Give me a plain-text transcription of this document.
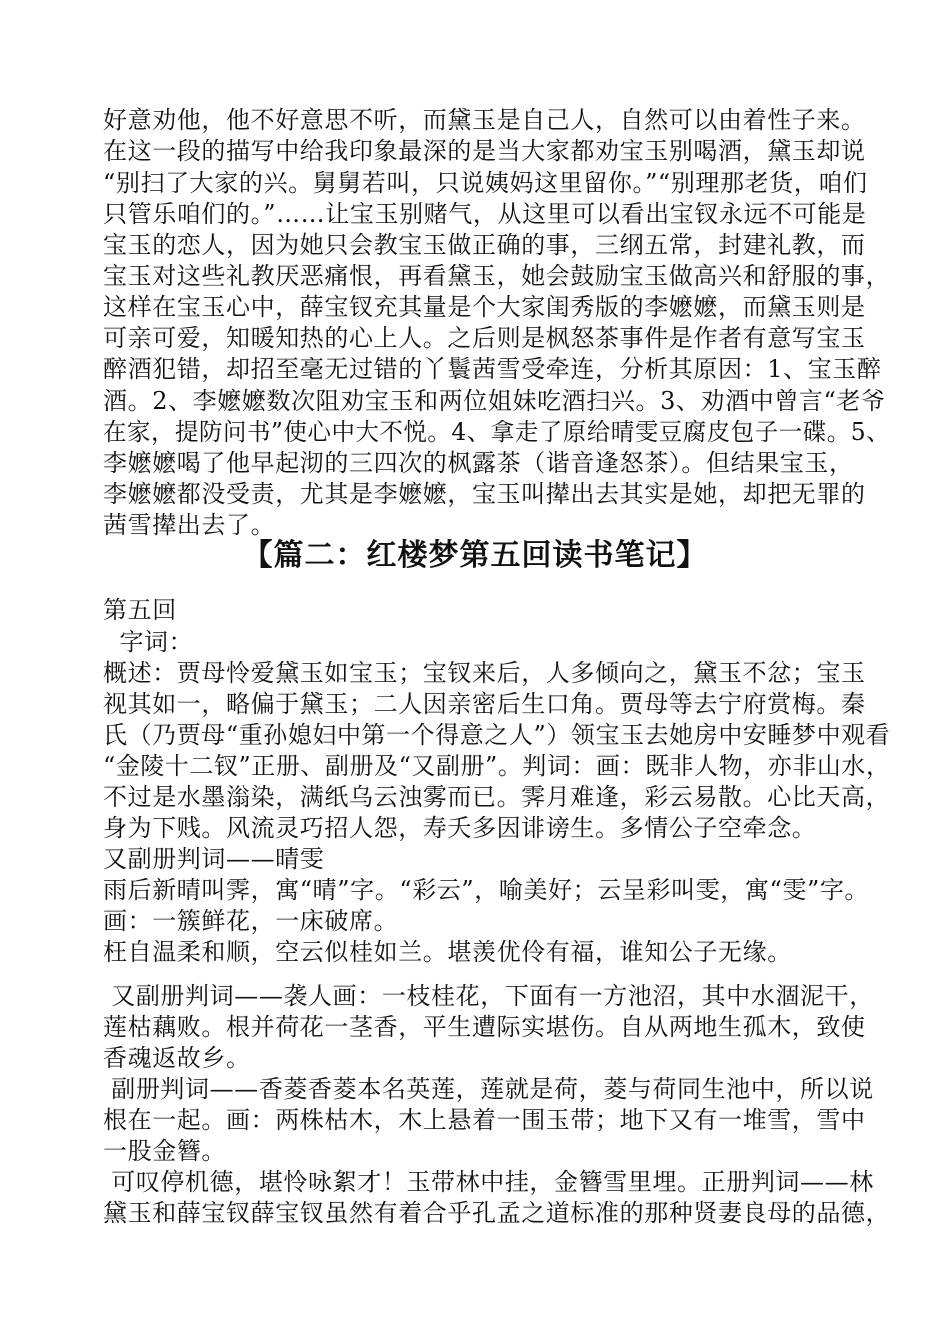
好意劝他，他不好意思不听，而黛玉是自己人，自然可以由着性子来。
在这一段的描写中给我印象最深的是当大家都劝宝玉别喝酒，黛玉却说
“别扫了大家的兴。舅舅若叫，只说姨妈这里留你。”“别理那老货，咱们
只管乐咱们的。”……让宝玉别赌气，从这里可以看出宝钗永远不可能是
宝玉的恋人，因为她只会教宝玉做正确的事，三纲五常，封建礼教，而
宝玉对这些礼教厌恶痛恨，再看黛玉，她会鼓励宝玉做高兴和舒服的事，
这样在宝玉心中，薛宝钗充其量是个大家闺秀版的李嬷嬷，而黛玉则是
可亲可爱，知暖知热的心上人。之后则是枫怒茶事件是作者有意写宝玉
醉酒犯错，却招至毫无过错的丫鬟茜雪受牵连，分析其原因：1、宝玉醉
酒。2、李嬷嬷数次阻劝宝玉和两位姐妹吃酒扫兴。3、劝酒中曾言“老爷
在家，提防问书”使心中大不悦。4、拿走了原给晴雯豆腐皮包子一碟。5、
李嬷嬷喝了他早起沏的三四次的枫露茶（谐音逢怒茶）。但结果宝玉，
李嬷嬷都没受责，尤其是李嬷嬷，宝玉叫撵出去其实是她，却把无罪的
茜雪撵出去了。
【篇二：红楼梦第五回读书笔记】
第五回
字词：
概述：贾母怜爱黛玉如宝玉；宝钗来后，人多倾向之，黛玉不忿；宝玉
视其如一，略偏于黛玉；二人因亲密后生口角。贾母等去宁府赏梅。秦
氏（乃贾母“重孙媳妇中第一个得意之人”）领宝玉去她房中安睡梦中观看
“金陵十二钗”正册、副册及“又副册”。判词：画：既非人物，亦非山水，
不过是水墨滃染，满纸乌云浊雾而已。霁月难逢，彩云易散。心比天高，
身为下贱。风流灵巧招人怨，寿夭多因诽谤生。多情公子空牵念。
又副册判词——晴雯
雨后新晴叫霁，寓“晴”字。“彩云”，喻美好；云呈彩叫雯，寓“雯”字。
画：一簇鲜花，一床破席。
枉自温柔和顺，空云似桂如兰。堪羡优伶有福，谁知公子无缘。
又副册判词——袭人画：一枝桂花，下面有一方池沼，其中水涸泥干，
莲枯藕败。根并荷花一茎香，平生遭际实堪伤。自从两地生孤木，致使
香魂返故乡。
副册判词——香菱香菱本名英莲，莲就是荷，菱与荷同生池中，所以说
根在一起。画：两株枯木，木上悬着一围玉带；地下又有一堆雪，雪中
一股金簪。
可叹停机德，堪怜咏絮才！玉带林中挂，金簪雪里埋。正册判词——林
黛玉和薛宝钗薛宝钗虽然有着合乎孔孟之道标准的那种贤妻良母的品德，
